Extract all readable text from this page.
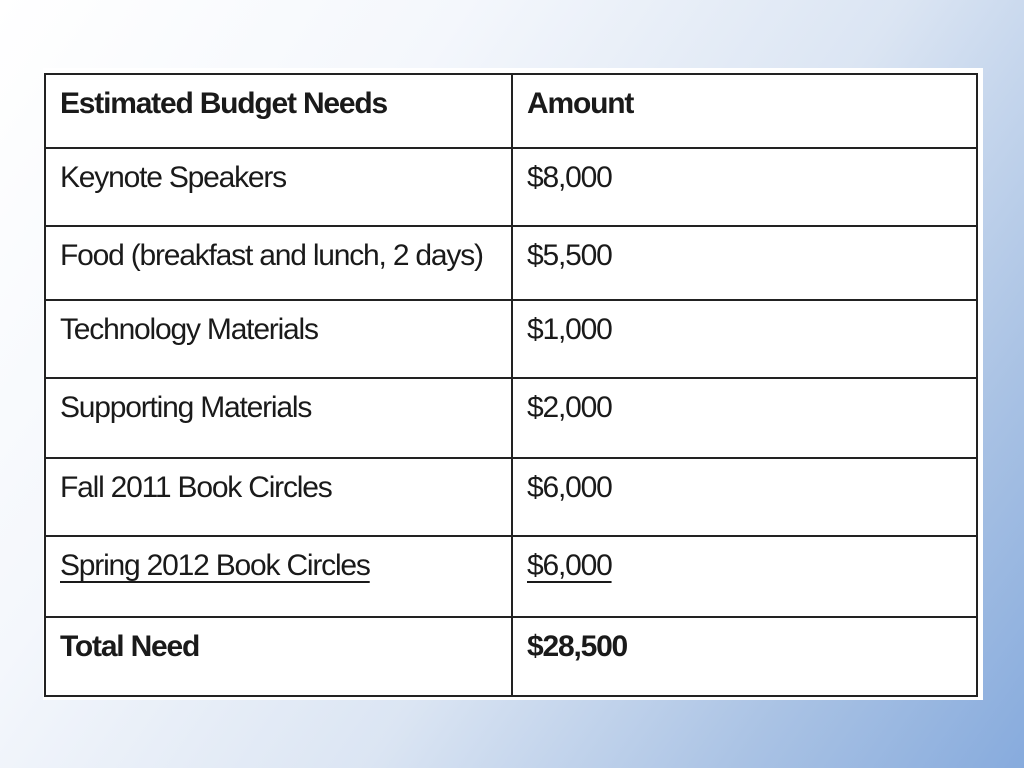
Estimated Budget Needs	Amount
Keynote Speakers	$8,000
Food (breakfast and lunch, 2 days)	$5,500
Technology Materials	$1,000
Supporting Materials	$2,000
Fall 2011 Book Circles	$6,000
Spring 2012 Book Circles	$6,000
Total Need	$28,500
